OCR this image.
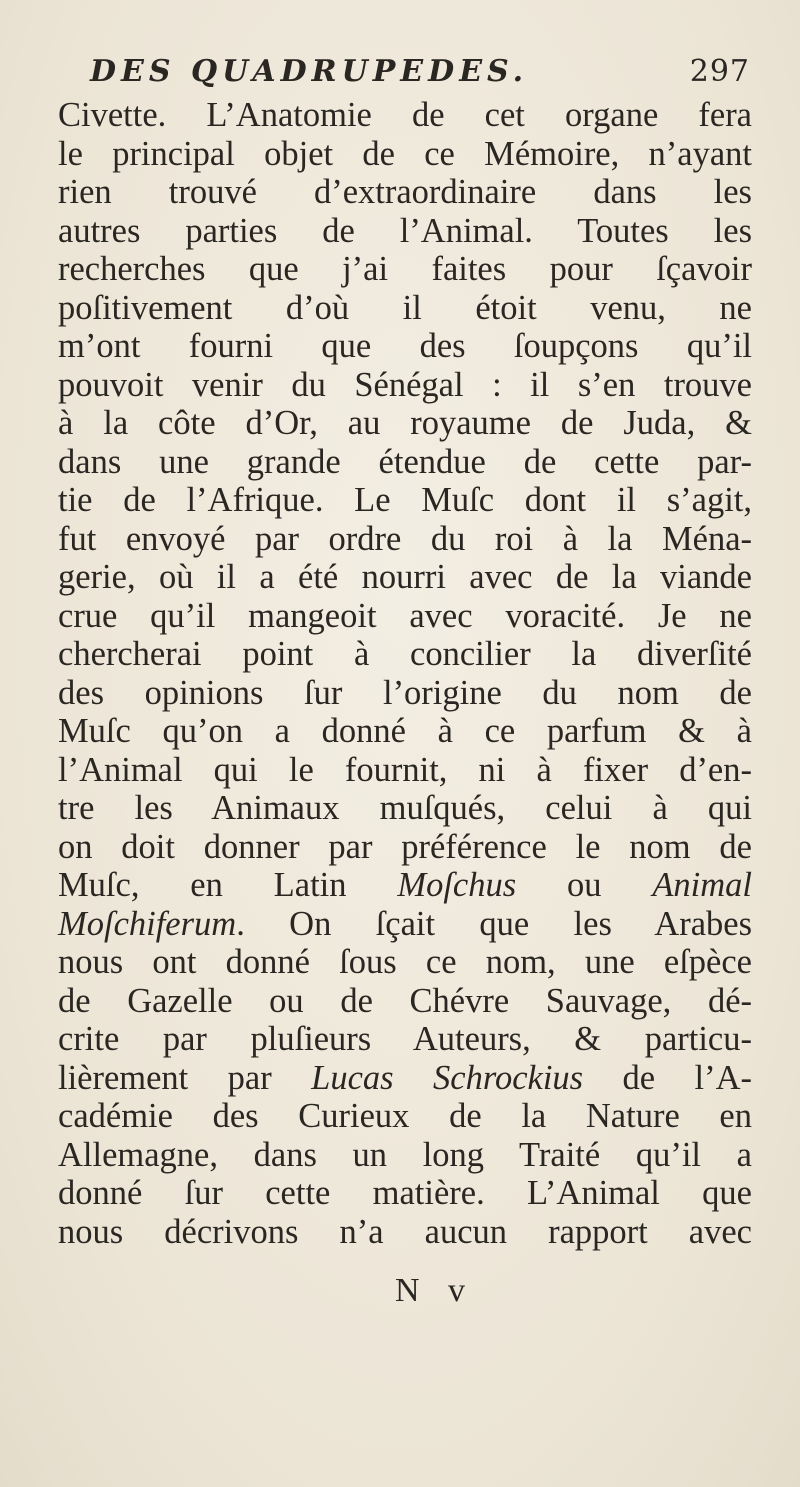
DES QUADRUPEDES.	297
Civette. L’Anatomie de cet organe fera
le principal objet de ce Mémoire, n’ayant
rien trouvé d’extraordinaire dans les
autres parties de l’Animal. Toutes les
recherches que j’ai faites pour ſçavoir
poſitivement d’où il étoit venu, ne
m’ont fourni que des ſoupçons qu’il
pouvoit venir du Sénégal : il s’en trouve
à la côte d’Or, au royaume de Juda, &
dans une grande étendue de cette par-
tie de l’Afrique. Le Muſc dont il s’agit,
fut envoyé par ordre du roi à la Ména-
gerie, où il a été nourri avec de la viande
crue qu’il mangeoit avec voracité. Je ne
chercherai point à concilier la diverſité
des opinions ſur l’origine du nom de
Muſc qu’on a donné à ce parfum & à
l’Animal qui le fournit, ni à fixer d’en-
tre les Animaux muſqués, celui à qui
on doit donner par préférence le nom de
Muſc, en Latin Moſchus ou Animal
Moſchiferum. On ſçait que les Arabes
nous ont donné ſous ce nom, une eſpèce
de Gazelle ou de Chévre Sauvage, dé-
crite par pluſieurs Auteurs, & particu-
lièrement par Lucas Schrockius de l’A-
cadémie des Curieux de la Nature en
Allemagne, dans un long Traité qu’il a
donné ſur cette matière. L’Animal que
nous décrivons n’a aucun rapport avec
N v
